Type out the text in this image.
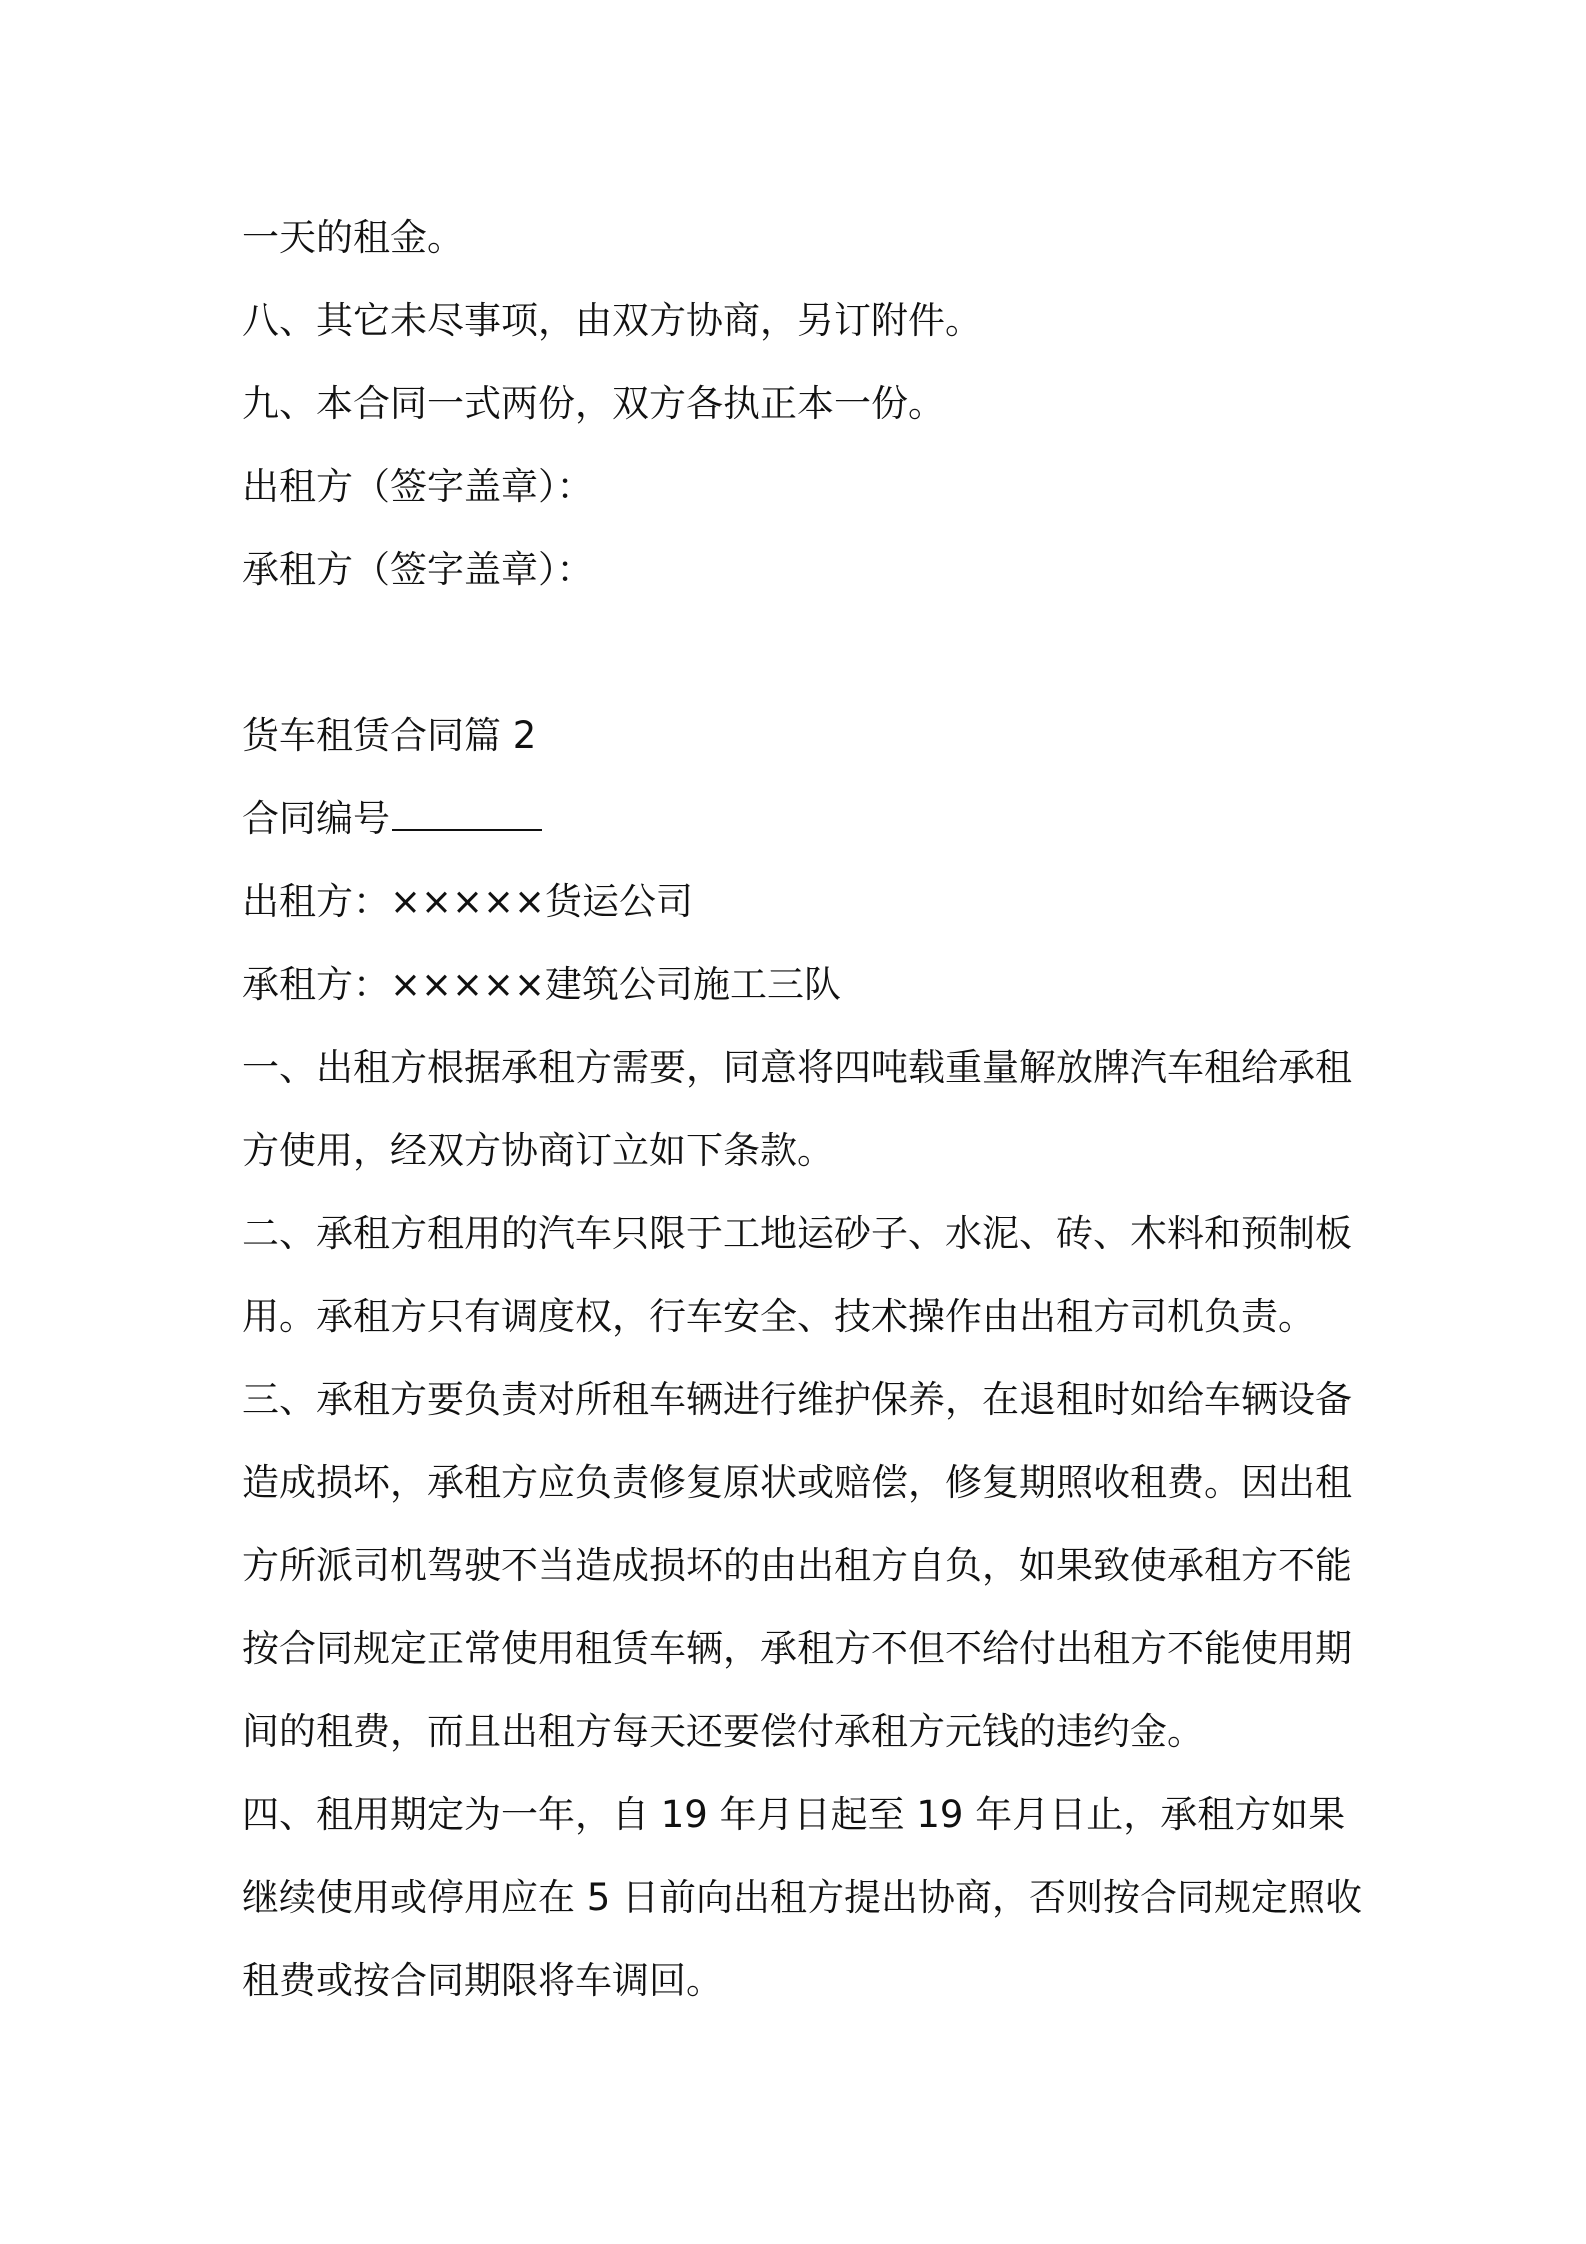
一天的租金。
八、其它未尽事项，由双方协商，另订附件。
九、本合同一式两份，双方各执正本一份。
出租方（签字盖章）：
承租方（签字盖章）：
货车租赁合同篇 2
合同编号
出租方：×××××货运公司
承租方：×××××建筑公司施工三队
一、出租方根据承租方需要，同意将四吨载重量解放牌汽车租给承租
方使用，经双方协商订立如下条款。
二、承租方租用的汽车只限于工地运砂子、水泥、砖、木料和预制板
用。承租方只有调度权，行车安全、技术操作由出租方司机负责。
三、承租方要负责对所租车辆进行维护保养，在退租时如给车辆设备
造成损坏，承租方应负责修复原状或赔偿，修复期照收租费。因出租
方所派司机驾驶不当造成损坏的由出租方自负，如果致使承租方不能
按合同规定正常使用租赁车辆，承租方不但不给付出租方不能使用期
间的租费，而且出租方每天还要偿付承租方元钱的违约金。
四、租用期定为一年，自 19 年月日起至 19 年月日止，承租方如果
继续使用或停用应在 5 日前向出租方提出协商，否则按合同规定照收
租费或按合同期限将车调回。
